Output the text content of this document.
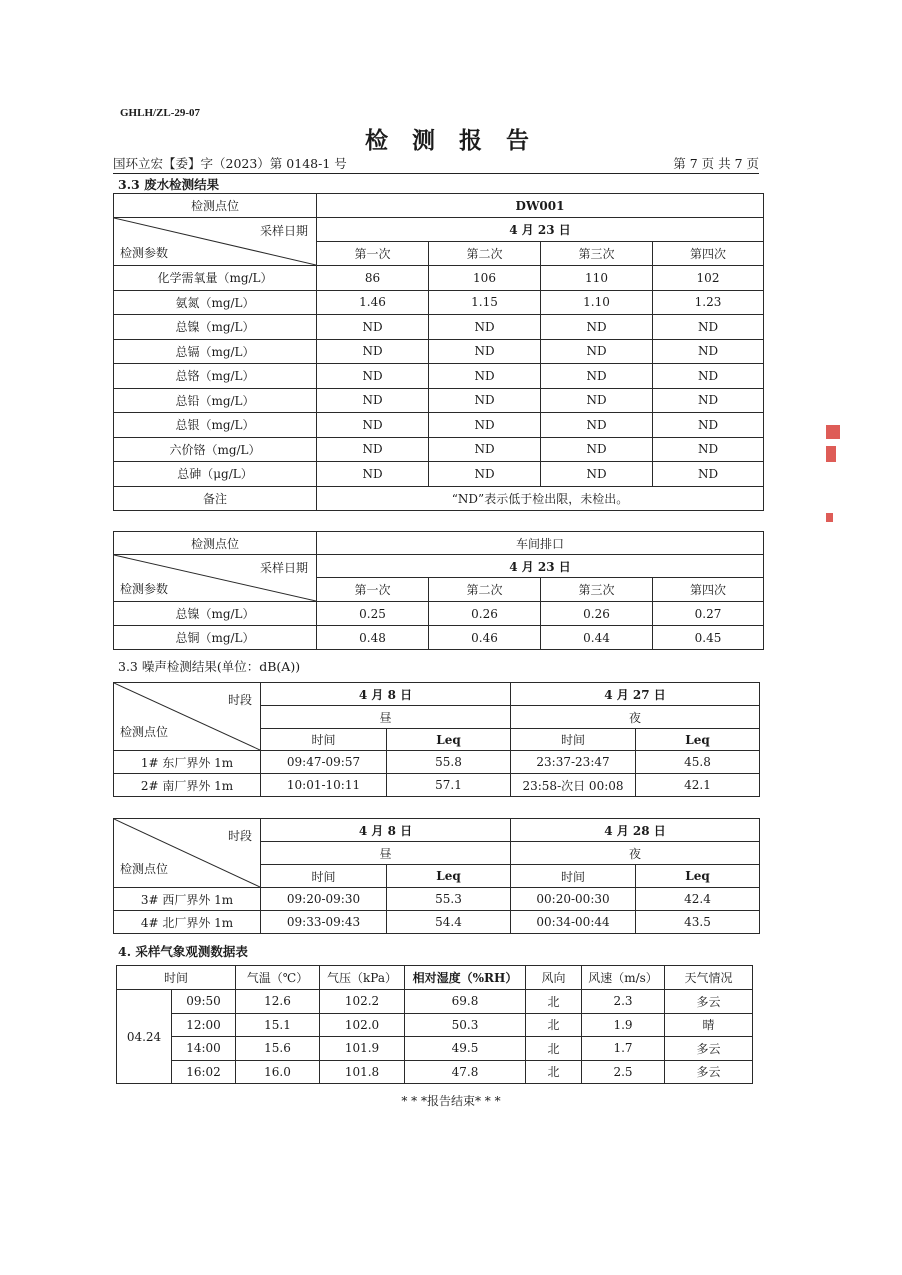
GHLH/ZL-29-07
检 测 报 告
国环立宏【委】字（2023）第 0148-1 号	第 7 页 共 7 页
3.3 废水检测结果
检测点位	DW001			

采样日期
检测参数	4 月 23 日			
	第一次	第二次	第三次	第四次
化学需氧量（mg/L）	86	106	110	102
氨氮（mg/L）	1.46	1.15	1.10	1.23
总镍（mg/L）	ND	ND	ND	ND
总镉（mg/L）	ND	ND	ND	ND
总铬（mg/L）	ND	ND	ND	ND
总铅（mg/L）	ND	ND	ND	ND
总银（mg/L）	ND	ND	ND	ND
六价铬（mg/L）	ND	ND	ND	ND
总砷（μg/L）	ND	ND	ND	ND
备注	“ND”表示低于检出限，未检出。			
检测点位	车间排口			

采样日期
检测参数	4 月 23 日			
	第一次	第二次	第三次	第四次
总镍（mg/L）	0.25	0.26	0.26	0.27
总铜（mg/L）	0.48	0.46	0.44	0.45
3.3 噪声检测结果(单位：dB(A))
时段
检测点位	4 月 8 日		4 月 27 日	
	昼		夜	
	时间	Leq	时间	Leq
1# 东厂界外 1m	09:47-09:57	55.8	23:37-23:47	45.8
2# 南厂界外 1m	10:01-10:11	57.1	23:58-次日 00:08	42.1
时段
检测点位	4 月 8 日		4 月 28 日	
	昼		夜	
	时间	Leq	时间	Leq
3# 西厂界外 1m	09:20-09:30	55.3	00:20-00:30	42.4
4# 北厂界外 1m	09:33-09:43	54.4	00:34-00:44	43.5
4. 采样气象观测数据表
时间		气温（℃）	气压（kPa）	相对湿度（%RH）	风向	风速（m/s）	天气情况
04.24	09:50	12.6	102.2	69.8	北	2.3	多云
	12:00	15.1	102.0	50.3	北	1.9	晴
	14:00	15.6	101.9	49.5	北	1.7	多云
	16:02	16.0	101.8	47.8	北	2.5	多云
* * *报告结束* * *
